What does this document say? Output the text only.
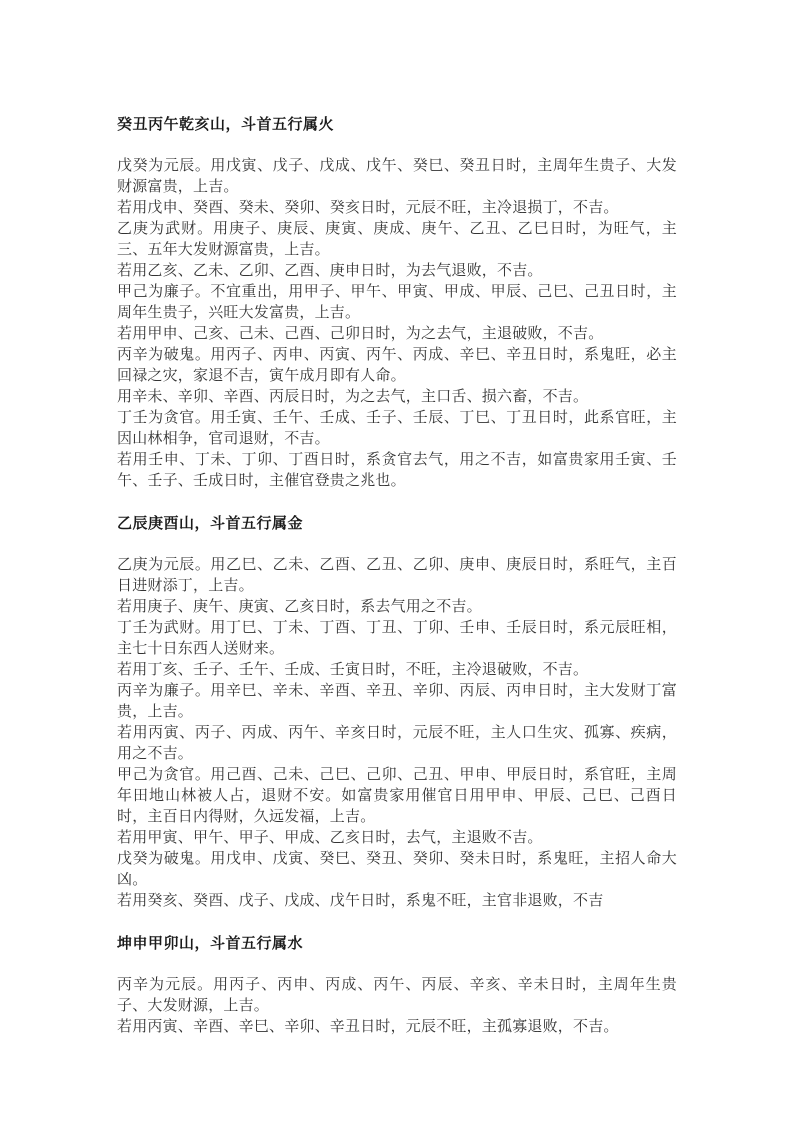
癸丑丙午乾亥山，斗首五行属火

戊癸为元辰。用戊寅、戊子、戊成、戊午、癸巳、癸丑日时，主周年生贵子、大发财源富贵，上吉。

若用戊申、癸酉、癸未、癸卯、癸亥日时，元辰不旺，主冷退损丁，不吉。

乙庚为武财。用庚子、庚辰、庚寅、庚成、庚午、乙丑、乙巳日时，为旺气，主三、五年大发财源富贵，上吉。

若用乙亥、乙未、乙卯、乙酉、庚申日时，为去气退败，不吉。

甲己为廉子。不宜重出，用甲子、甲午、甲寅、甲成、甲辰、己巳、己丑日时，主周年生贵子，兴旺大发富贵，上吉。

若用甲申、己亥、己未、己酉、己卯日时，为之去气，主退破败，不吉。

丙辛为破鬼。用丙子、丙申、丙寅、丙午、丙成、辛巳、辛丑日时，系鬼旺，必主回禄之灾，家退不吉，寅午成月即有人命。

用辛未、辛卯、辛酉、丙辰日时，为之去气，主口舌、损六畜，不吉。

丁壬为贪官。用壬寅、壬午、壬成、壬子、壬辰、丁巳、丁丑日时，此系官旺，主因山林相争，官司退财，不吉。

若用壬申、丁未、丁卯、丁酉日时，系贪官去气，用之不吉，如富贵家用壬寅、壬午、壬子、壬成日时，主催官登贵之兆也。

乙辰庚酉山，斗首五行属金

乙庚为元辰。用乙巳、乙未、乙酉、乙丑、乙卯、庚申、庚辰日时，系旺气，主百日进财添丁，上吉。

若用庚子、庚午、庚寅、乙亥日时，系去气用之不吉。

丁壬为武财。用丁巳、丁未、丁酉、丁丑、丁卯、壬申、壬辰日时，系元辰旺相，主七十日东西人送财来。

若用丁亥、壬子、壬午、壬成、壬寅日时，不旺，主冷退破败，不吉。

丙辛为廉子。用辛巳、辛未、辛酉、辛丑、辛卯、丙辰、丙申日时，主大发财丁富贵，上吉。

若用丙寅、丙子、丙成、丙午、辛亥日时，元辰不旺，主人口生灾、孤寡、疾病，用之不吉。

甲己为贪官。用己酉、己未、己巳、己卯、己丑、甲申、甲辰日时，系官旺，主周年田地山林被人占，退财不安。如富贵家用催官日用甲申、甲辰、己巳、己酉日时，主百日内得财，久远发福，上吉。

若用甲寅、甲午、甲子、甲成、乙亥日时，去气，主退败不吉。

戊癸为破鬼。用戊申、戊寅、癸巳、癸丑、癸卯、癸未日时，系鬼旺，主招人命大凶。

若用癸亥、癸酉、戊子、戊成、戊午日时，系鬼不旺，主官非退败，不吉

坤申甲卯山，斗首五行属水

丙辛为元辰。用丙子、丙申、丙成、丙午、丙辰、辛亥、辛未日时，主周年生贵子、大发财源，上吉。

若用丙寅、辛酉、辛巳、辛卯、辛丑日时，元辰不旺，主孤寡退败，不吉。
